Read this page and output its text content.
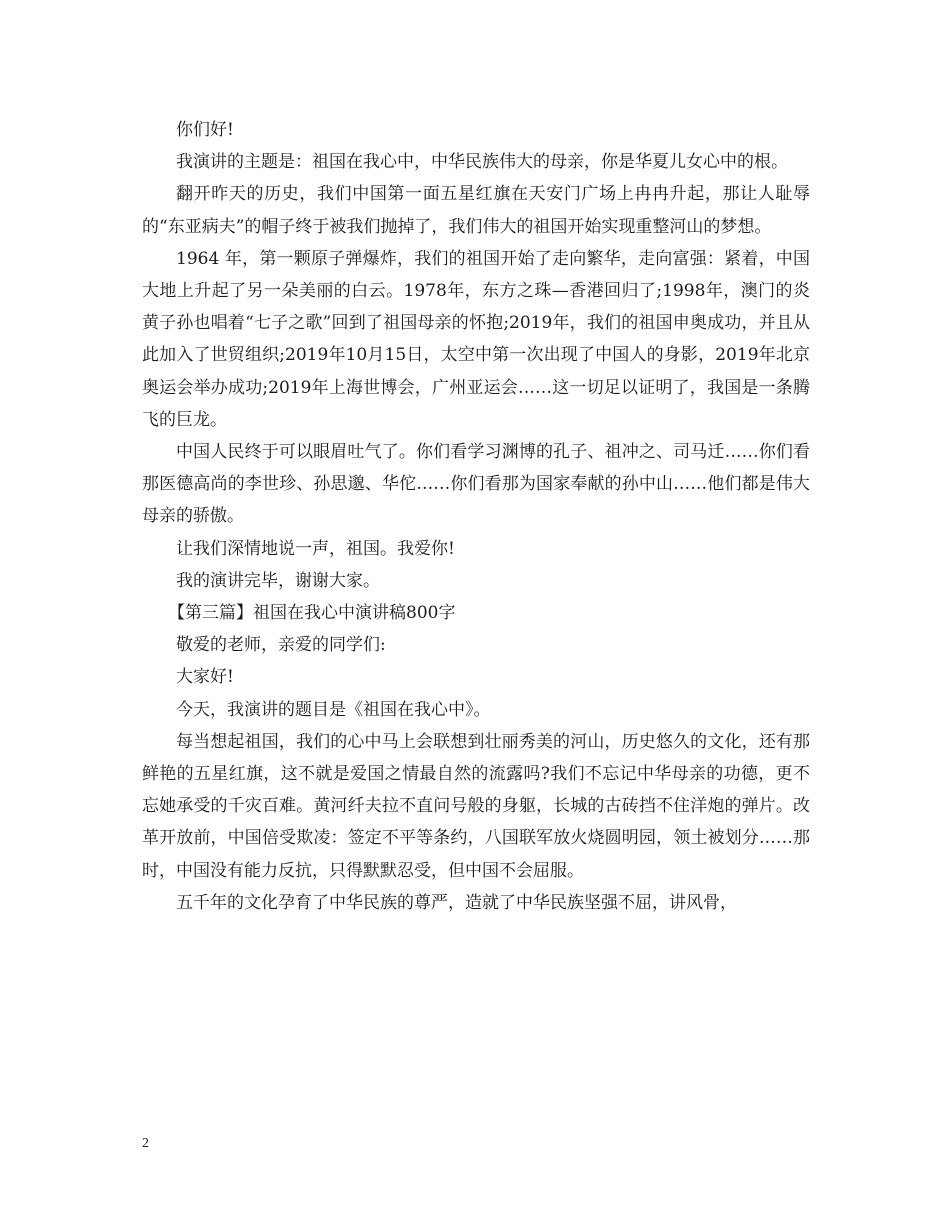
你们好!

我演讲的主题是：祖国在我心中，中华民族伟大的母亲，你是华夏儿女心中的根。

翻开昨天的历史，我们中国第一面五星红旗在天安门广场上冉冉升起，那让人耻辱的“东亚病夫”的帽子终于被我们抛掉了，我们伟大的祖国开始实现重整河山的梦想。

1964 年，第一颗原子弹爆炸，我们的祖国开始了走向繁华，走向富强：紧着，中国大地上升起了另一朵美丽的白云。1978年，东方之珠—香港回归了;1998年，澳门的炎黄子孙也唱着“七子之歌”回到了祖国母亲的怀抱;2019年，我们的祖国申奥成功，并且从此加入了世贸组织;2019年10月15日，太空中第一次出现了中国人的身影，2019年北京奥运会举办成功;2019年上海世博会，广州亚运会……这一切足以证明了，我国是一条腾飞的巨龙。

中国人民终于可以眼眉吐气了。你们看学习渊博的孔子、祖冲之、司马迁……你们看那医德高尚的李世珍、孙思邈、华佗……你们看那为国家奉献的孙中山……他们都是伟大母亲的骄傲。

让我们深情地说一声，祖国。我爱你!

我的演讲完毕，谢谢大家。

【第三篇】祖国在我心中演讲稿800字

敬爱的老师，亲爱的同学们:

大家好!

今天，我演讲的题目是《祖国在我心中》。

每当想起祖国，我们的心中马上会联想到壮丽秀美的河山，历史悠久的文化，还有那鲜艳的五星红旗，这不就是爱国之情最自然的流露吗?我们不忘记中华母亲的功德，更不忘她承受的千灾百难。黄河纤夫拉不直问号般的身躯，长城的古砖挡不住洋炮的弹片。改革开放前，中国倍受欺凌：签定不平等条约，八国联军放火烧圆明园，领土被划分……那时，中国没有能力反抗，只得默默忍受，但中国不会屈服。

五千年的文化孕育了中华民族的尊严，造就了中华民族坚强不屈，讲风骨，

2
